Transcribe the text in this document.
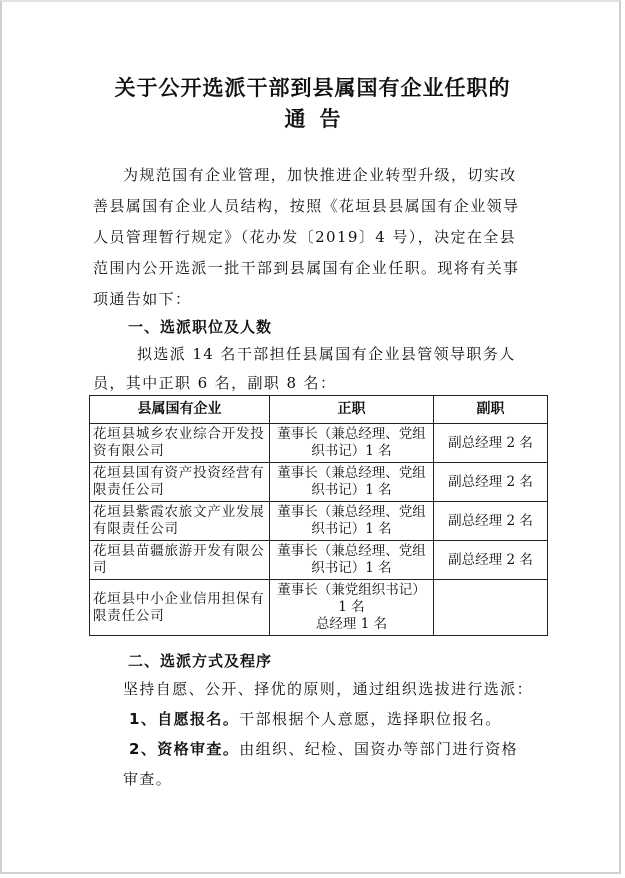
关于公开选派干部到县属国有企业任职的
通告
为规范国有企业管理，加快推进企业转型升级，切实改
善县属国有企业人员结构，按照《花垣县县属国有企业领导
人员管理暂行规定》（花办发〔2019〕4 号），决定在全县
范围内公开选派一批干部到县属国有企业任职。现将有关事
项通告如下：
一、选派职位及人数
拟选派 14 名干部担任县属国有企业县管领导职务人
员，其中正职 6 名，副职 8 名：
县属国有企业	正职	副职
花垣县城乡农业综合开发投资有限公司	董事长（兼总经理、党组织书记）1 名	副总经理 2 名
花垣县国有资产投资经营有限责任公司	董事长（兼总经理、党组织书记）1 名	副总经理 2 名
花垣县紫霞农旅文产业发展有限责任公司	董事长（兼总经理、党组织书记）1 名	副总经理 2 名
花垣县苗疆旅游开发有限公司	董事长（兼总经理、党组织书记）1 名	副总经理 2 名
花垣县中小企业信用担保有限责任公司	董事长（兼党组织书记）1 名
总经理 1 名	

二、选派方式及程序
坚持自愿、公开、择优的原则，通过组织选拔进行选派：
1、自愿报名。干部根据个人意愿，选择职位报名。
2、资格审查。由组织、纪检、国资办等部门进行资格
审查。
